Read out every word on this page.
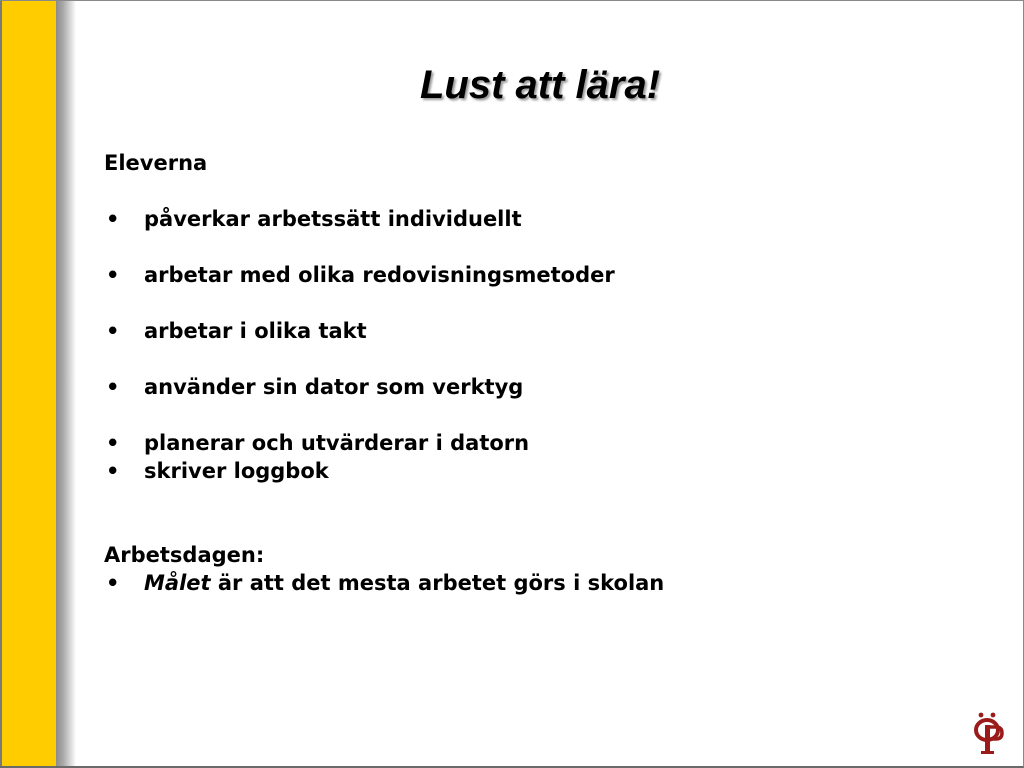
Lust att lära!
Eleverna
• påverkar arbetssätt individuellt
• arbetar med olika redovisningsmetoder
• arbetar i olika takt
• använder sin dator som verktyg
• planerar och utvärderar i datorn
• skriver loggbok
Arbetsdagen:
• Målet är att det mesta arbetet görs i skolan
